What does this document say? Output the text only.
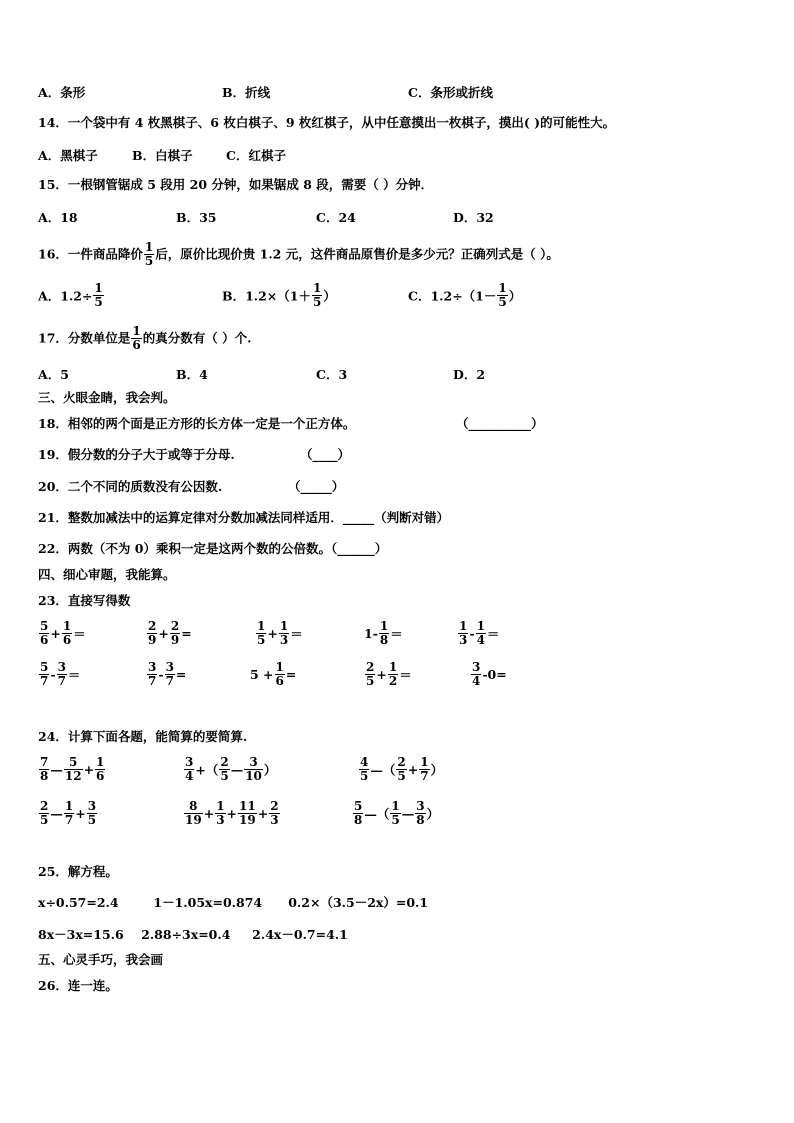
A．条形	B．折线	C．条形或折线
14．一个袋中有 4 枚黑棋子、6 枚白棋子、9 枚红棋子，从中任意摸出一枚棋子，摸出( )的可能性大。
A．黑棋子	B．白棋子	C．红棋子
15．一根钢管锯成 5 段用 20 分钟，如果锯成 8 段，需要（ ）分钟．
A．18	B．35	C．24	D．32
16．一件商品降价 $\frac{1}{5}$ 后，原价比现价贵 1.2 元，这件商品原售价是多少元？正确列式是（ ）。
A．$1.2\div \frac{1}{5}$	B．$1.2\times(1+ \frac{1}{5}$ ）	C．$1.2\div(1- \frac{1}{5}$ ）
17．分数单位是 $\frac{1}{6}$ 的真分数有（ ）个.
A．5	B．4	C．3	D．2
三、火眼金睛，我会判。
18．相邻的两个面是正方形的长方体一定是一个正方体。	（__________）
19．假分数的分子大于或等于分母.	（____）
20．二个不同的质数没有公因数.	（_____）
21．整数加减法中的运算定律对分数加减法同样适用．_____（判断对错）
22．两数（不为 0）乘积一定是这两个数的公倍数。（______）
四、细心审题，我能算。
23．直接写得数
$\frac{5}{6} + \frac{1}{6}$ ＝	$\frac{2}{9} + \frac{2}{9}$ =	$\frac{1}{5} + \frac{1}{3}$ ＝	$1- \frac{1}{8}$ ＝	$\frac{1}{3} - \frac{1}{4}$ ＝
$\frac{5}{7} - \frac{3}{7}$ ＝	$\frac{3}{7} - \frac{3}{7}$ =	$5 + \frac{1}{6}$ =	$\frac{2}{5} + \frac{1}{2}$ ＝	$\frac{3}{4} -0=$
24．计算下面各题，能简算的要简算.
$\frac{7}{8}$ — $\frac{5}{12} + \frac{1}{6}$	$\frac{3}{4}$ +（ $\frac{2}{5}$ — $\frac{3}{10}$ ）	$\frac{4}{5}$ —（ $\frac{2}{5} + \frac{1}{7}$ ）
$\frac{2}{5}$ — $\frac{1}{7} + \frac{3}{5}$	$\frac{8}{19} + \frac{1}{3} + \frac{11}{19} + \frac{2}{3}$	$\frac{5}{8}$ —（ $\frac{1}{5}$ — $\frac{3}{8}$ ）
25．解方程。
x÷0.57=2.4        1－1.05x=0.874      0.2×（3.5－2x）=0.1
8x－3x=15.6    2.88÷3x=0.4     2.4x－0.7=4.1
五、心灵手巧，我会画
26．连一连。
